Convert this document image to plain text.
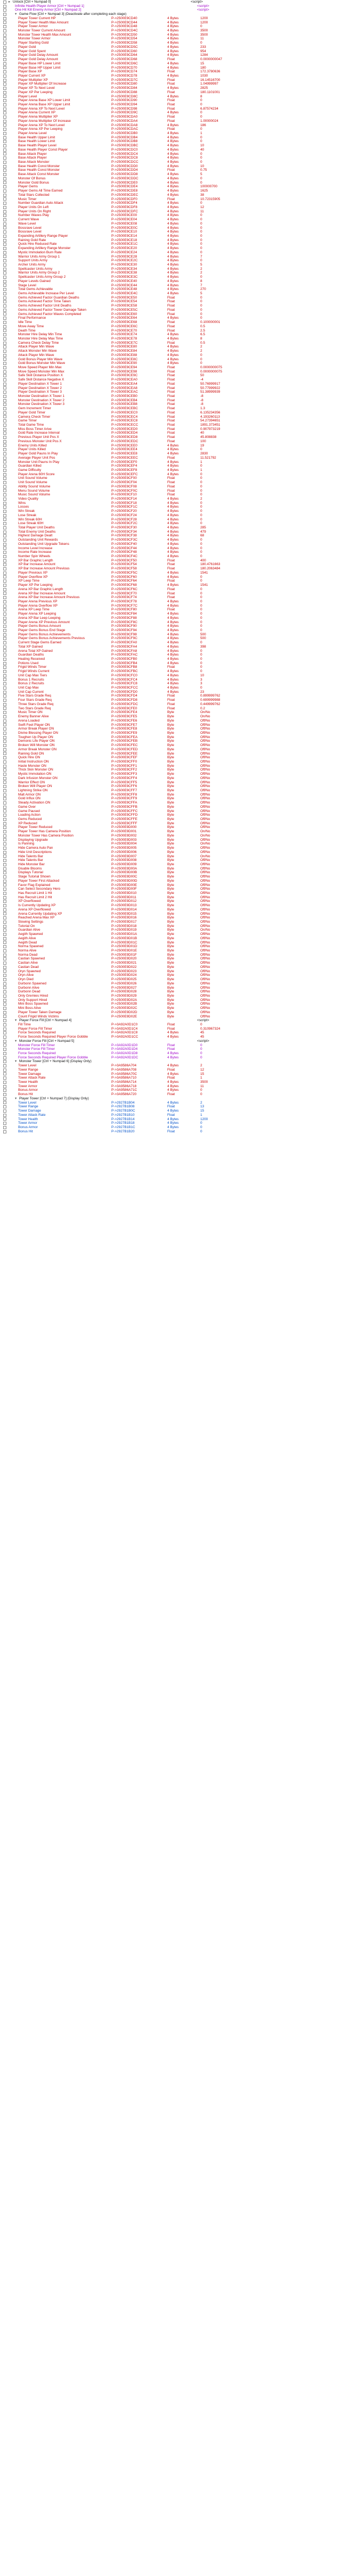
▸ Unlock [Ctrl + Numpad 0]	<script>
Infinite Health Player Armor [Ctrl + Numpad 1]	<script>
One Hit Kill Enemy Armor [Ctrl + Numpad 2]	<script>
▾ Game Flow [Ctrl + Numpad 3] (Deactivate after completing each stage)
Player Tower Current HP	P->2500E9CD40	4 Bytes	1200
Player Tower Health Max Amount	P->2500E9CD44	4 Bytes	1200
Player Tower Armor	P->2500E9CD48	4 Bytes	0
Monster Tower Current Amount	P->2500E9CD4C	4 Bytes	3500
Monster Tower Health Max Amount	P->2500E9CD50	4 Bytes	3500
Monster Tower Armor	P->2500E9CD54	4 Bytes	11
Player Starting Gold	P->2500E9CD58	4 Bytes	0
Player Gold	P->2500E9CD5C	4 Bytes	233
Player Gold Spent	P->2500E9CD60	4 Bytes	954
Player Gold Delay Amount	P->2500E9CD64	4 Bytes	1284
Player Gold Delay Amount	P->2500E9CD68	Float	0.0000000047
Player Base HP Lower Limit	P->2500E9CD6C	4 Bytes	15
Player Base HP Upper Limit	P->2500E9CD70	4 Bytes	180
Player Base XP	P->2500E9CD74	Float	172.3780636
Player Current XP	P->2500E9CD78	4 Bytes	1030
Player Multiplier XP	P->2500E9CD7C	Float	16.14516700
Player XP Multiplier Of Increase	P->2500E9CD80	Float	1.04999997
Player XP To Next Level	P->2500E9CD84	4 Bytes	2825
Player XP Per Leeping	P->2500E9CD88	Float	180.1101001
Player Level	P->2500E9CD8C	4 Bytes	8
Player Arena Base XP Lower Limit	P->2500E9CD90	Float	0
Player Arena Base XP Upper Limit	P->2500E9CD94	Float	0
Player Arena XP To Next Level	P->2500E9CD98	Float	6.87574234
Player Arena Current XP	P->2500E9CD9C	4 Bytes	0
Player Arena Multiplier XP	P->2500E9CDA0	Float	0
Player Arena Multiplier Of Increase	P->2500E9CDA4	Float	1.00000024
Player Arena XP To Next Level	P->2500E9CDA8	4 Bytes	186
Player Arena XP Per Leeping	P->2500E9CDAC	Float	0
Player Arena Level	P->2500E9CDB0	4 Bytes	1
Base Health Upper Limit	P->2500E9CDB4	4 Bytes	0
Base Health Lower Limit	P->2500E9CDB8	4 Bytes	0
Base Health Player Level	P->2500E9CDBC	4 Bytes	10
Base Health Player Const Player	P->2500E9CDC0	4 Bytes	40
Base Attack Player	P->2500E9CDC4	4 Bytes	0
Base Attack Player	P->2500E9CDC8	4 Bytes	0
Base Attack Monster	P->2500E9CDCC	4 Bytes	0
Base Health Const Monster	P->2500E9CDD0	4 Bytes	10
Base Health Const Monster	P->2500E9CDD4	Float	0.75
Base Attack Const Monster	P->2500E9CDD8	4 Bytes	5
Monster Of Bonus	P->2500E9CDDC	4 Bytes	0
Monster Gold Bonus	P->2500E9CDE0	4 Bytes	0
Player Gems	P->2500E9CDE4	4 Bytes	100000700
Player Gems All Time Earned	P->2500E9CDE8	4 Bytes	1625
Total Stars Collected	P->2500E9CDEC	4 Bytes	38
Music Timer	P->2500E9CDF0	Float	10.72315905
Number Guardian Auto Attack	P->2500E9CDF4	4 Bytes	0
Player Units On Left	P->2500E9CDF8	4 Bytes	12
Player Units On Right	P->2500E9CDFC	4 Bytes	11
Number Waves Play	P->2500E9CE00	4 Bytes	0
Current Wave	P->2500E9CE04	4 Bytes	0
Wave Level	P->2500E9CE08	4 Bytes	0
Bossrave Level	P->2500E9CE0C	4 Bytes	0
Bossrave Level	P->2500E9CE10	4 Bytes	0
Expanding Artillery Range Player	P->2500E9CE14	4 Bytes	0
Raining Gold Rate	P->2500E9CE18	4 Bytes	0
Quick Hire Reduced Rate	P->2500E9CE1C	4 Bytes	0
Expanding Artillery Range Monster	P->2500E9CE20	4 Bytes	0
Mystic Immolation Burn Rate	P->2500E9CE24	4 Bytes	0
Warrior Units Army Group 1	P->2500E9CE28	4 Bytes	7
Support Units Army	P->2500E9CE2C	4 Bytes	0
Archer Units Army	P->2500E9CE30	4 Bytes	5
Spellcaster Units Army	P->2500E9CE34	4 Bytes	2
Warrior Units Army Group 2	P->2500E9CE38	4 Bytes	2
Spellcaster Units Army Group 2	P->2500E9CE3C	4 Bytes	0
Player Levels Gained	P->2500E9CE40	4 Bytes	8
Stage Level	P->2500E9CE44	4 Bytes	7
Total Gems Achievable	P->2500E9CE48	4 Bytes	270
Gems Achievable Increase Per Level	P->2500E9CE4C	4 Bytes	5
Gems Achieved Factor Guardian Deaths	P->2500E9CE50	Float	0
Gems Achieved Factor Time Taken	P->2500E9CE54	Float	0
Gems Achieved Factor Unit Deaths	P->2500E9CE58	Float	0
Gems Achieved Factor Tower Damage Taken	P->2500E9CE5C	Float	0
Gems Achieved Factor Waves Completed	P->2500E9CE60	Float	0
Final Performance	P->2500E9CE64	4 Bytes	0
Idle Time	P->2500E9CE68	Float	0.100000001
Move Away Time	P->2500E9CE6C	Float	0.5
Death Time	P->2500E9CE70	Float	2.5
Monster Hire Delay Min Time	P->2500E9CE74	4 Bytes	6.5
Monster Hire Delay Max Time	P->2500E9CE78	4 Bytes	8
Camera Check Delay Time	P->2500E9CE7C	Float	0.5
Attack Player Min Wave	P->2500E9CE80	4 Bytes	2
Attack Monster Min Wave	P->2500E9CE84	4 Bytes	2
Attack Player Min Wave	P->2500E9CE88	4 Bytes	0
Gold Bonus Player Min Wave	P->2500E9CE8C	4 Bytes	0
Gold Bonus Monster Min Wave	P->2500E9CE90	4 Bytes	0
Move Speed Player Min Max	P->2500E9CE94	Float	0.0000000075
Move Speed Monster Min Max	P->2500E9CE98	Float	0.0000000075
Safe Skill Distance Position X	P->2500E9CE9C	Float	50
Safe Skill Distance Negative X	P->2500E9CEA0	Float	-4
Player Destination X Tower 1	P->2500E9CEA4	Float	50.76999917
Player Destination X Tower 2	P->2500E9CEA8	Float	50.77999922
Player Destination X Tower 3	P->2500E9CEAC	Float	51.38999939
Monster Destination X Tower 1	P->2500E9CEB0	Float	-8
Monster Destination X Tower 2	P->2500E9CEB4	Float	-8
Monster Destination X Tower 3	P->2500E9CEB8	Float	-8
Gem Increment Timer	P->2500E9CEBC	Float	1.3
Player Gold Timer	P->2500E9CEC0	Float	6.135234356
Camera Check Timer	P->2500E9CEC4	Float	4.193260113
Game Timer	P->2500E9CEC8	Float	54.27394651
Total Game Time	P->2500E9CECC	Float	1891.373451
Miss Boss Timer Arive	P->2500E9CED0	Float	0.907973219
Gold Rate Increase Interval	P->2500E9CED4	Float	40
Previous Player Unit Pos X	P->2500E9CED8	Float	45.808838
Previous Monster Unit Pos X	P->2500E9CEDC	Float	100
Enemy Units Killed	P->2500E9CEE0	4 Bytes	19
Player Units Killed	P->2500E9CEE4	4 Bytes	0
Player Gold Pauns In Play	P->2500E9CEE8	4 Bytes	2830
Average Player Unit Pos	P->2500E9CEEC	Float	11.521792
Monster Unit Pauns In Play	P->2500E9CEF0	4 Bytes	1
Guardian Killed	P->2500E9CEF4	4 Bytes	0
Game Difficulty	P->2500E9CEF8	4 Bytes	1
Player Arena 60H Score	P->2500E9CEFC	4 Bytes	0
Unit Sound Volume	P->2500E9CF00	Float	0
Unit Sound Volume	P->2500E9CF04	Float	0
Ability Sound Volume	P->2500E9CF08	Float	0
Menu Sound Volume	P->2500E9CF0C	Float	0
Music Sound Volume	P->2500E9CF10	Float	0
Video Quality	P->2500E9CF14	4 Bytes	2
Wins	P->2500E9CF18	4 Bytes	0
Losses	P->2500E9CF1C	4 Bytes	0
Win Streak	P->2500E9CF20	4 Bytes	0
Lose Streak	P->2500E9CF24	4 Bytes	0
Win Streak 60H	P->2500E9CF28	4 Bytes	0
Lose Streak 60H	P->2500E9CF2C	4 Bytes	0
Total Player Unit Deaths	P->2500E9CF30	4 Bytes	285
Total Enemy Unit Deaths	P->2500E9CF34	4 Bytes	479
Highest Damage Dealt	P->2500E9CF38	4 Bytes	68
Outstanding Unit Rewards	P->2500E9CF3C	4 Bytes	0
Outstanding Unit Upgrade Tokens	P->2500E9CF40	4 Bytes	0
Income Level Increase	P->2500E9CF44	4 Bytes	0
Income Rate Increase	P->2500E9CF48	4 Bytes	0
Number Spin Wheels	P->2500E9CF4C	4 Bytes	0
XP Bar Graphic Length	P->2500E9CF50	Float	400
XP Bar Increase Amount	P->2500E9CF54	Float	180.4761663
XP Bar Increase Amount Previous	P->2500E9CF58	Float	180.2063484
Player Previous XP	P->2500E9CF5C	4 Bytes	1541
Player Overflow XP	P->2500E9CF60	4 Bytes	0
XP Leep Time	P->2500E9CF64	Float	0
Player XP Per Leeping	P->2500E9CF68	4 Bytes	1541
Arena XP Bar Graphic Length	P->2500E9CF6C	Float	0
Arena XP Bar Increase Amount	P->2500E9CF70	Float	0
Arena XP Bar Increase Amount Previous	P->2500E9CF74	Float	0
Player Arena Previous XP	P->2500E9CF78	4 Bytes	0
Player Arena Overflow XP	P->2500E9CF7C	4 Bytes	0
Arena XP Leep Time	P->2500E9CF80	Float	0
Player Arena XP Leeping	P->2500E9CF84	4 Bytes	0
Arena XP Bar Leep Leeping	P->2500E9CF88	4 Bytes	0
Player Arena XP Previous Amount	P->2500E9CF8C	4 Bytes	0
Player Gems Bonus Amount	P->2500E9CF90	4 Bytes	0
Player Gems Bonus End Stage	P->2500E9CF94	4 Bytes	0
Player Gems Bonus Achievements	P->2500E9CF98	4 Bytes	500
Player Gems Bonus Achievements Previous	P->2500E9CF9C	4 Bytes	500
Current Stage Gems Earned	P->2500E9CFA0	4 Bytes	0
Total XP Gained	P->2500E9CFA4	4 Bytes	398
Arena Total XP Gained	P->2500E9CFA8	4 Bytes	0
Guardian Deaths	P->2500E9CFAC	4 Bytes	0
Healing Received	P->2500E9CFB0	4 Bytes	0
Potions Used	P->2500E9CFB4	4 Bytes	0
Frigid Winds Timer	P->2500E9CFB8	Float	0
Frigid Winds Current	P->2500E9CFBC	4 Bytes	0
Unit Cap Max Tiers	P->2500E9CFC0	4 Bytes	10
Bonus 1 Recruits	P->2500E9CFC4	4 Bytes	3
Bonus 2 Recruits	P->2500E9CFC8	4 Bytes	3
Unit Cap Max	P->2500E9CFCC	4 Bytes	0
Unit Cap Current	P->2500E9CFD0	4 Bytes	23
Five Stars Grade Req	P->2500E9CFD4	Float	0.899999762
Four Stars Grade Req	P->2500E9CFD8	Float	0.699999988
Three Stars Grade Req	P->2500E9CFDC	Float	0.449999762
Two Stars Grade Req	P->2500E9CFE0	Float	0.2
Music Timer ON	P->2500E9CFE4	Byte	On/No
Enemy Banner Alive	P->2500E9CFE5	Byte	On/No
Arena Loaded	P->2500E9CFE6	Byte	Off/No
Swift Feet Player ON	P->2500E9CFE7	Byte	Off/No
Armor Break Player ON	P->2500E9CFE8	Byte	Off/No
Divine Blessing Player ON	P->2500E9CFE9	Byte	Off/No
Toughen Up Player ON	P->2500E9CFEA	Byte	Off/No
Demonic Life Player ON	P->2500E9CFEB	Byte	Off/No
Broken Will Monster ON	P->2500E9CFEC	Byte	Off/No
Armor Break Monster ON	P->2500E9CFED	Byte	Off/No
Raining Gold ON	P->2500E9CFEE	Byte	Off/No
Quick Hire ON	P->2500E9CFEF	Byte	Off/No
Initial Instruction ON	P->2500E9CFF0	Byte	Off/No
Haste Monster ON	P->2500E9CFF1	Byte	Off/No
Thick Skin Monster ON	P->2500E9CFF2	Byte	Off/No
Mystic Immolation ON	P->2500E9CFF3	Byte	Off/No
Dark Infusion Monster ON	P->2500E9CFF4	Byte	Off/No
Warrior Effect ON	P->2500E9CFF5	Byte	Off/No
Broken Will Player ON	P->2500E9CFF6	Byte	Off/No
Lightning Strike ON	P->2500E9CFF7	Byte	Off/No
Malt Armor ON	P->2500E9CFF8	Byte	Off/No
Gold Influx ON	P->2500E9CFF9	Byte	Off/No
Steady Activation ON	P->2500E9CFFA	Byte	Off/No
Game Over	P->2500E9CFFB	Byte	Off/No
Game Paused	P->2500E9CFFC	Byte	Off/No
Loading Action	P->2500E9CFFD	Byte	Off/No
Gems Reduced	P->2500E9CFFE	Byte	Off/No
XP Reduced	P->2500E9CFFF	Byte	Off/No
Player Tower Reduced	P->2500E9D000	Byte	Off/No
Player Tower Has Camera Position	P->2500E9D001	Byte	On/No
Monster Tower Has Camera Position	P->2500E9D002	Byte	On/No
Displaying Upgrade	P->2500E9D003	Byte	Off/No
Is Panning	P->2500E9D004	Byte	On/No
Hide Camera Auto Pan	P->2500E9D005	Byte	Off/No
Hide Unit Descriptions	P->2500E9D006	Byte	Off/No
Hide Talents Bar	P->2500E9D007	Byte	On/No
Hide Talents Bar	P->2500E9D008	Byte	Off/No
Hide Monster Bar	P->2500E9D009	Byte	Off/No
Disable Blooms	P->2500E9D00A	Byte	Off/No
Displays Tutorial	P->2500E9D00B	Byte	Off/No
Stage Tutorial Shown	P->2500E9D00C	Byte	Off/No
Player Tower First Attacked	P->2500E9D00D	Byte	Off/No
Favor Flag Explained	P->2500E9D00E	Byte	Off/No
Can Select Secondary Hero	P->2500E9D00F	Byte	Off/No
Has Recruit Limit 1 Hit	P->2500E9D010	Byte	Off/No
Has Recruit Limit 2 Hit	P->2500E9D011	Byte	Off/No
XP Overflowed	P->2500E9D012	Byte	Off/No
Is Currently Updating XP	P->2500E9D013	Byte	Off/No
Arena XP Overflowed	P->2500E9D014	Byte	Off/No
Arena Currently Updating XP	P->2500E9D015	Byte	Off/No
Reached Arena Max XP	P->2500E9D016	Byte	Off/No
Slowing Settings	P->2500E9D017	Byte	Off/No
Tutorial On	P->2500E9D018	Byte	Off/No
Guardian Alive	P->2500E9D019	Byte	On/No
Aegith Spawned	P->2500E9D01A	Byte	Off/No
Aegith Alive	P->2500E9D01B	Byte	Off/No
Aegith Dead	P->2500E9D01C	Byte	Off/No
Norma Spawned	P->2500E9D01D	Byte	Off/No
Norma Alive	P->2500E9D01E	Byte	Off/No
Norma Dead	P->2500E9D01F	Byte	Off/No
Castian Spawned	P->2500E9D020	Byte	Off/No
Castian Alive	P->2500E9D021	Byte	Off/No
Castian Dead	P->2500E9D022	Byte	Off/No
Oryn Spawned	P->2500E9D023	Byte	Off/No
Oryn Alive	P->2500E9D024	Byte	Off/No
Oryn Died	P->2500E9D025	Byte	Off/No
Durbonn Spawned	P->2500E9D026	Byte	Off/No
Durbonn Alive	P->2500E9D027	Byte	Off/No
Durbonn Dead	P->2500E9D028	Byte	Off/No
Only Gremies Hired	P->2500E9D029	Byte	Off/No
Only Support Hired	P->2500E9D02A	Byte	Off/No
Mini Boss Spawned	P->2500E9D02B	Byte	Off/No
Mini Boss Alive	P->2500E9D02C	Byte	Off/No
Player Tower Taken Damage	P->2500E9D02D	Byte	Off/No
Count Frigid Winds Victims	P->2500E9D02E	Byte	Off/No
▾ Player Force Fill [Ctrl + Numpad 4]	<script>
Fill Time	P->3A92A0D1C0	Float	0
Player Force Fill Timer	P->3A92A0D1C4	Float	0.310967324
Force Seconds Required	P->3A92A0D1C8	4 Bytes	45
Force Seconds Required Player Force Gobble	P->3A92A0D1CC	4 Bytes	45
▾ Monster Force Fill [Ctrl + Numpad 5]	<script>
Monster Force Fill Timer	P->3A92A0D1D0	Float	0
Monster Force Fill Timer	P->3A92A0D1D4	Float	0
Force Seconds Required	P->3A92A0D1D8	4 Bytes	0
Force Seconds Required Player Force Gobble	P->3A92A0D1DC	4 Bytes	0
▾ Monster Tower [Ctrl + Numpad 6] (Display Only)
Tower Level	P->3A9586A704	4 Bytes	2
Tower Range	P->3A9586A708	Float	12
Tower Damage	P->3A9586A70C	4 Bytes	15
Tower Attack Rate	P->3A9586A710	Float	1
Tower Health	P->3A9586A714	4 Bytes	3500
Tower Armor	P->3A9586A718	4 Bytes	11
Bonus Armor	P->3A9586A71C	4 Bytes	0
Bonus Hit	P->3A9586A720	Float	0
▾ Player Tower [Ctrl + Numpad 7] (Display Only)
Tower Level	P->2927B1B04	4 Bytes	2
Tower Range	P->2927B1B08	Float	13
Tower Damage	P->2927B1B0C	4 Bytes	15
Tower Attack Rate	P->2927B1B10	Float	1
Tower Health	P->2927B1B14	4 Bytes	1200
Tower Armor	P->2927B1B18	4 Bytes	0
Bonus Armor	P->2927B1B1C	4 Bytes	0
Bonus Hit	P->2927B1B20	Float	0
